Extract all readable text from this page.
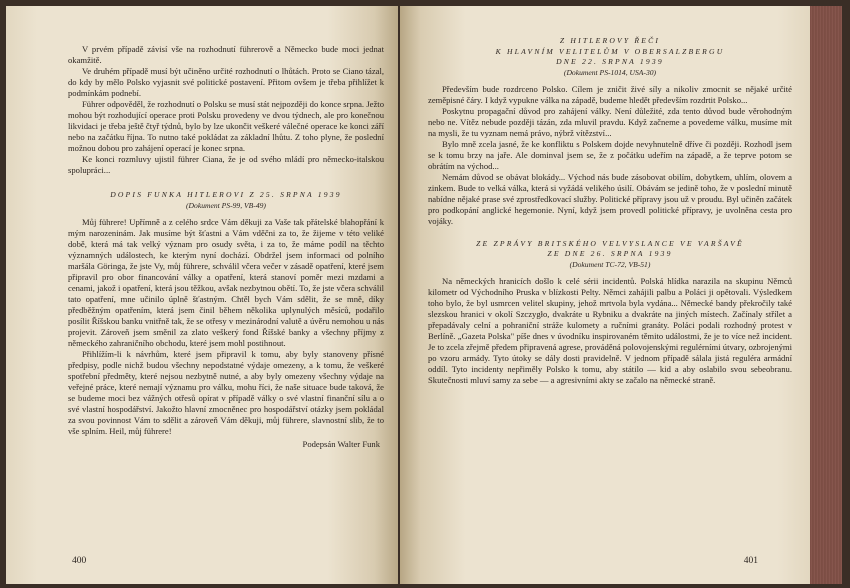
V prvém případě závisí vše na rozhodnutí führerově a Německo bude moci jednat okamžitě.

Ve druhém případě musí být učiněno určité rozhodnutí o lhůtách. Proto se Ciano tázal, do kdy by mělo Polsko vyjasnit své politické postavení. Přitom ovšem je třeba přihlížet k podmínkám podnebí.

Führer odpověděl, že rozhodnutí o Polsku se musí stát nejpozději do konce srpna. Ježto mohou být rozhodující operace proti Polsku provedeny ve dvou týdnech, ale pro konečnou likvidaci je třeba ještě čtyř týdnů, bylo by lze ukončit veškeré válečné operace ke konci září nebo na začátku října. To nutno také pokládat za základní lhůtu. Z toho plyne, že poslední možnou dobou pro zahájení operací je konec srpna.

Ke konci rozmluvy ujistil führer Ciana, že je od svého mládí pro německo-italskou spolupráci...

DOPIS FUNKA HITLEROVI Z 25. SRPNA 1939

(Dokument PS-99, VB-49)

Můj führere! Upřímně a z celého srdce Vám děkuji za Vaše tak přátelské blahopřání k mým narozeninám. Jak musíme být šťastni a Vám vděčni za to, že žijeme v této veliké době, která má tak velký význam pro osudy světa, i za to, že máme podíl na těchto významných událostech, ke kterým nyní dochází. Obdržel jsem informaci od polního maršála Göringa, že jste Vy, můj führere, schválil včera večer v zásadě opatření, které jsem připravil pro obor financování války a opatření, která stanoví poměr mezi mzdami a cenami, jakož i opatření, která jsou těžkou, avšak nezbytnou obětí. To, že jste včera schválil tato opatření, mne učinilo úplně šťastným. Chtěl bych Vám sdělit, že se mně, díky předběžným opatřením, která jsem činil během několika uplynulých měsíců, podařilo posílit Říšskou banku vnitřně tak, že se otřesy v mezinárodní valutě a úvěru nemohou u nás projevit. Zároveň jsem směnil za zlato veškerý fond Říšské banky a všechny příjmy z německého zahraničního obchodu, které jsem mohl postihnout.

Přihlížím-li k návrhům, které jsem připravil k tomu, aby byly stanoveny přísné předpisy, podle nichž budou všechny nepodstatné výdaje omezeny, a k tomu, že veškeré spotřební předměty, které nejsou nezbytně nutné, a aby byly omezeny všechny výdaje na veřejné práce, které nemají významu pro válku, mohu říci, že naše situace bude taková, že se budeme moci bez vážných otřesů opírat v případě války o své vlastní finanční sílu a o své vlastní hospodářství. Jakožto hlavní zmocněnec pro hospodářství otázky jsem pokládal za svou povinnost Vám to sdělit a zároveň Vám děkuji, můj führere, slavnostní slib, že to vše splním. Heil, můj führere!

Podepsán Walter Funk
400

Z HITLEROVY ŘEČI

K HLAVNÍM VELITELŮM V OBERSALZBERGU

DNE 22. SRPNA 1939

(Dokument PS-1014, USA-30)

Především bude rozdrceno Polsko. Cílem je zničit živé síly a nikoliv zmocnit se nějaké určité zeměpisné čáry. I když vypukne válka na západě, budeme hledět především rozdrtit Polsko...

Poskytnu propagační důvod pro zahájení války. Není důležité, zda tento důvod bude věrohodným nebo ne. Vítěz nebude později tázán, zda mluvil pravdu. Když začneme a povedeme válku, musíme mít na mysli, že tu vyznam nemá právo, nýbrž vítězství...

Bylo mně zcela jasné, že ke konfliktu s Polskem dojde nevyhnutelně dříve či později. Rozhodl jsem se k tomu brzy na jaře. Ale dominval jsem se, že z počátku udeřím na západě, a že teprve potom se obrátím na východ...

Nemám důvod se obávat blokády... Východ nás bude zásobovat obilím, dobytkem, uhlím, olovem a zinkem. Bude to velká válka, která si vyžádá velikého úsilí. Obávám se jedině toho, že v poslední minutě nabídne nějaké prase své zprostředkovací služby. Politické přípravy jsou už v proudu. Byl učiněn začátek pro podkopání anglické hegemonie. Nyní, když jsem provedl politické přípravy, je uvolněna cesta pro vojáky.

ZE ZPRÁVY BRITSKÉHO VELVYSLANCE VE VARŠAVĚ

ZE DNE 26. SRPNA 1939

(Dokument TC-72, VB-51)

Na německých hranicích došlo k celé sérii incidentů. Polská hlídka narazila na skupinu Němců kilometr od Východního Pruska v blízkosti Pelty. Němci zahájili palbu a Poláci ji opětovali. Výsledkem toho bylo, že byl usmrcen velitel skupiny, jehož mrtvola byla vydána... Německé bandy překročily také slezskou hranici v okolí Szczygło, dvakráte u Rybniku a dvakráte na jiných místech. Začínaly střílet a přepadávaly celní a pohraniční stráže kulomety a ručními granáty. Poláci podali rozhodný protest v Berlíně. „Gazeta Polska" píše dnes v úvodníku inspirovaném těmito událostmi, že je to více než incident. Je to zcela zřejmě předem připravená agrese, prováděná polovojenskými regulérními útvary, ozbrojenými po vzoru armády. Tyto útoky se dály dosti pravidelně. V jednom případě sálala jistá reguléra armádní oddíl. Tyto incidenty nepřiměly Polsko k tomu, aby státilo — kid a aby oslabilo svou sebeobranu. Skutečnosti mluví samy za sebe — a agresivními akty se začalo na německé straně.

401
